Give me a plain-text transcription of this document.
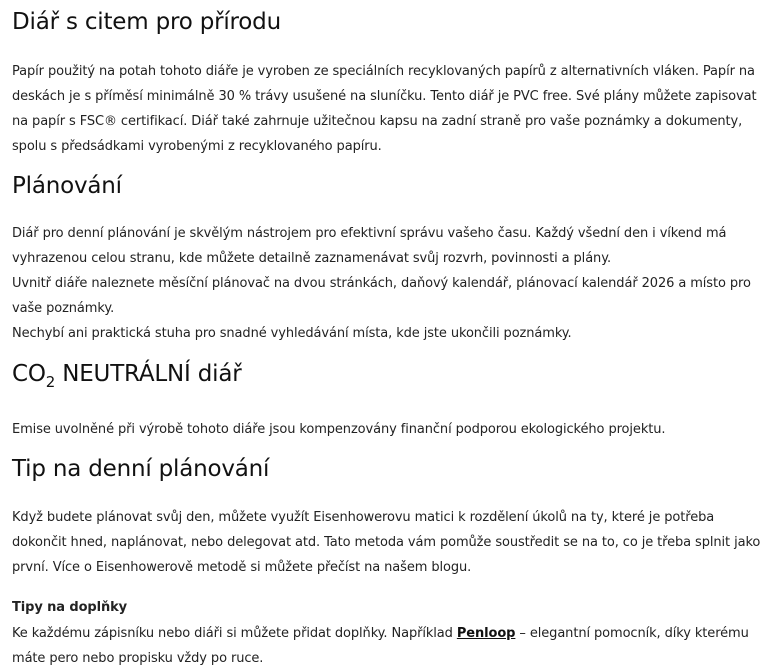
Diář s citem pro přírodu

Papír použitý na potah tohoto diáře je vyroben ze speciálních recyklovaných papírů z alternativních vláken. Papír na deskách je s příměsí minimálně 30 % trávy usušené na sluníčku. Tento diář je PVC free. Své plány můžete zapisovat na papír s FSC® certifikací. Diář také zahrnuje užitečnou kapsu na zadní straně pro vaše poznámky a dokumenty, spolu s předsádkami vyrobenými z recyklovaného papíru.

Plánování

Diář pro denní plánování je skvělým nástrojem pro efektivní správu vašeho času. Každý všední den i víkend má vyhrazenou celou stranu, kde můžete detailně zaznamenávat svůj rozvrh, povinnosti a plány.

Uvnitř diáře naleznete měsíční plánovač na dvou stránkách, daňový kalendář, plánovací kalendář 2026 a místo pro vaše poznámky.

Nechybí ani praktická stuha pro snadné vyhledávání místa, kde jste ukončili poznámky.

$CO_2$ NEUTRÁLNÍ diář

Emise uvolněné při výrobě tohoto diáře jsou kompenzovány finanční podporou ekologického projektu.

Tip na denní plánování

Když budete plánovat svůj den, můžete využít Eisenhowerovu matici k rozdělení úkolů na ty, které je potřeba dokončit hned, naplánovat, nebo delegovat atd. Tato metoda vám pomůže soustředit se na to, co je třeba splnit jako první. Více o Eisenhowerově metodě si můžete přečíst na našem blogu.

Tipy na doplňky

Ke každému zápisníku nebo diáři si můžete přidat doplňky. Například Penloop – elegantní pomocník, díky kterému máte pero nebo propisku vždy po ruce.
